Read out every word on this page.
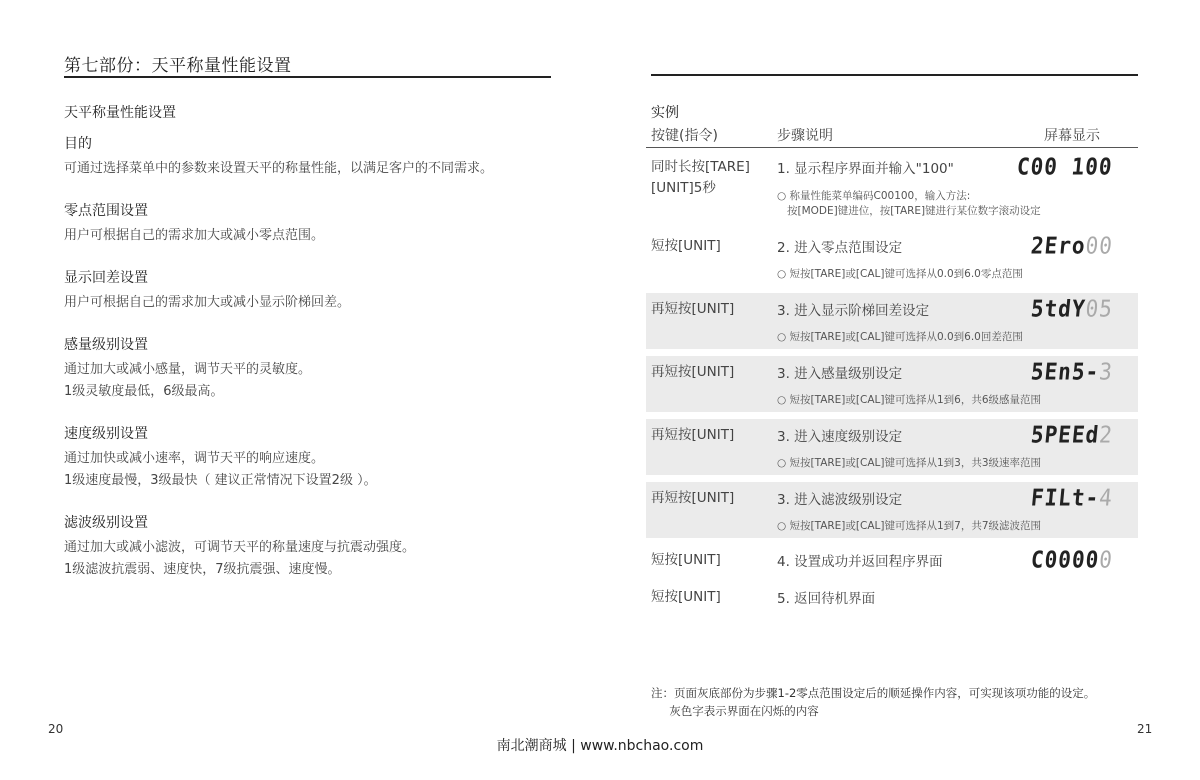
第七部份：天平称量性能设置
天平称量性能设置
目的

可通过选择菜单中的参数来设置天平的称量性能，以满足客户的不同需求。

零点范围设置

用户可根据自己的需求加大或减小零点范围。

显示回差设置

用户可根据自己的需求加大或减小显示阶梯回差。

感量级别设置

通过加大或减小感量，调节天平的灵敏度。

1级灵敏度最低，6级最高。

速度级别设置

通过加快或减小速率，调节天平的响应速度。

1级速度最慢，3级最快（ 建议正常情况下设置2级 ）。

滤波级别设置

通过加大或减小滤波，可调节天平的称量速度与抗震动强度。

1级滤波抗震弱、速度快，7级抗震强、速度慢。

20
实例
按键(指令)	步骤说明	屏幕显示
同时长按[TARE][UNIT]5秒
1. 显示程序界面并输入"100"	C00 100
○ 称量性能菜单编码C00100，输入方法:
按[MODE]键进位，按[TARE]键进行某位数字滚动设定
短按[UNIT]	2. 进入零点范围设定	2Ero00
○ 短按[TARE]或[CAL]键可选择从0.0到6.0零点范围
再短按[UNIT]	3. 进入显示阶梯回差设定	5tdY05
○ 短按[TARE]或[CAL]键可选择从0.0到6.0回差范围
再短按[UNIT]	3. 进入感量级别设定	5En5-3
○ 短按[TARE]或[CAL]键可选择从1到6，共6级感量范围
再短按[UNIT]	3. 进入速度级别设定	5PEEd2
○ 短按[TARE]或[CAL]键可选择从1到3，共3级速率范围
再短按[UNIT]	3. 进入滤波级别设定	FILt-4
○ 短按[TARE]或[CAL]键可选择从1到7，共7级滤波范围
短按[UNIT]	4. 设置成功并返回程序界面	C00000
短按[UNIT]	5. 返回待机界面
注：页面灰底部份为步骤1-2零点范围设定后的顺延操作内容，可实现该项功能的设定。
灰色字表示界面在闪烁的内容
21
南北潮商城 | www.nbchao.com
